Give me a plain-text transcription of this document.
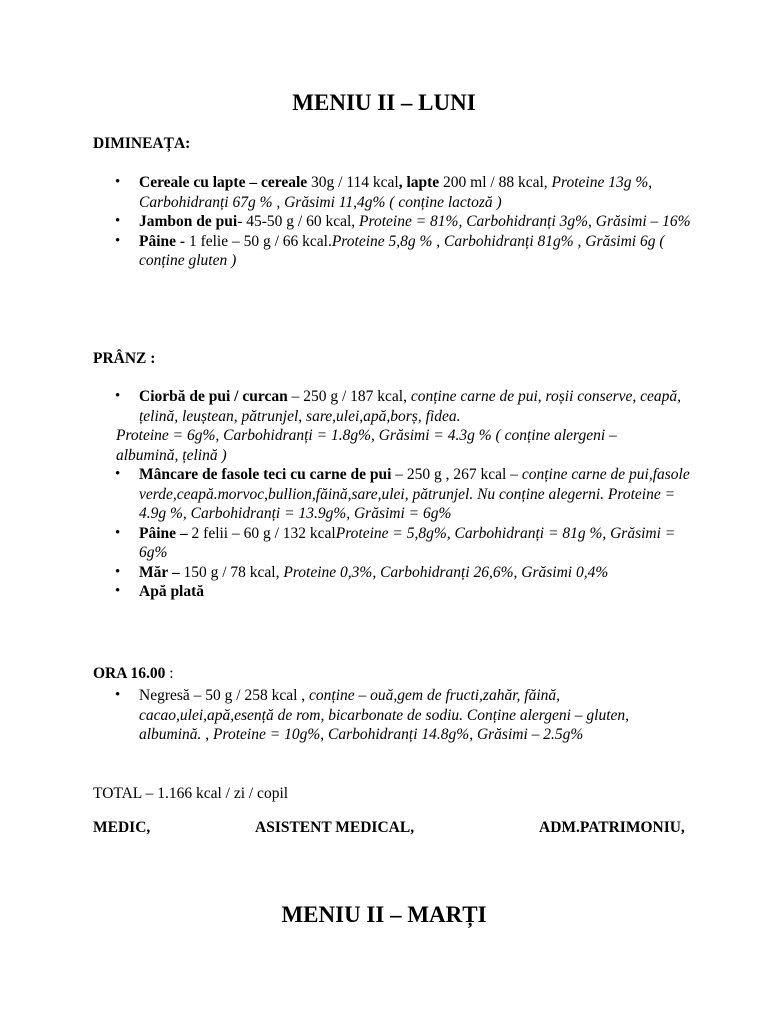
MENIU II – LUNI
DIMINEAȚA:
• Cereale cu lapte – cereale 30g / 114 kcal, lapte 200 ml / 88 kcal, Proteine 13g %, Carbohidranți 67g % , Grăsimi 11,4g% ( conține lactoză )
• Jambon de pui- 45-50 g / 60 kcal, Proteine = 81%, Carbohidranți 3g%, Grăsimi – 16%
• Pâine - 1 felie – 50 g / 66 kcal.Proteine 5,8g % , Carbohidranți 81g% , Grăsimi 6g ( conține gluten )
PRÂNZ :
• Ciorbă de pui / curcan – 250 g / 187 kcal, conține carne de pui, roșii conserve, ceapă, țelină, leuștean, pătrunjel, sare,ulei,apă,borș, fidea.
Proteine = 6g%, Carbohidranți = 1.8g%, Grăsimi = 4.3g % ( conține alergeni – albumină, țelină )
• Mâncare de fasole teci cu carne de pui – 250 g , 267 kcal – conține carne de pui,fasole verde,ceapă.morvoc,bullion,făină,sare,ulei, pătrunjel. Nu conține alegerni. Proteine = 4.9g %, Carbohidranți = 13.9g%, Grăsimi = 6g%
• Pâine – 2 felii – 60 g / 132 kcalProteine = 5,8g%, Carbohidranți = 81g %, Grăsimi = 6g%
• Măr – 150 g / 78 kcal, Proteine 0,3%, Carbohidranți 26,6%, Grăsimi 0,4%
• Apă plată
ORA 16.00 :
• Negresă – 50 g / 258 kcal , conține – ouă,gem de fructi,zahăr, făină, cacao,ulei,apă,esență de rom, bicarbonate de sodiu. Conține alergeni – gluten, albumină. , Proteine = 10g%, Carbohidranți 14.8g%, Grăsimi – 2.5g%
TOTAL – 1.166 kcal / zi / copil
MEDIC,	ASISTENT MEDICAL,	ADM.PATRIMONIU,
MENIU II – MARȚI
